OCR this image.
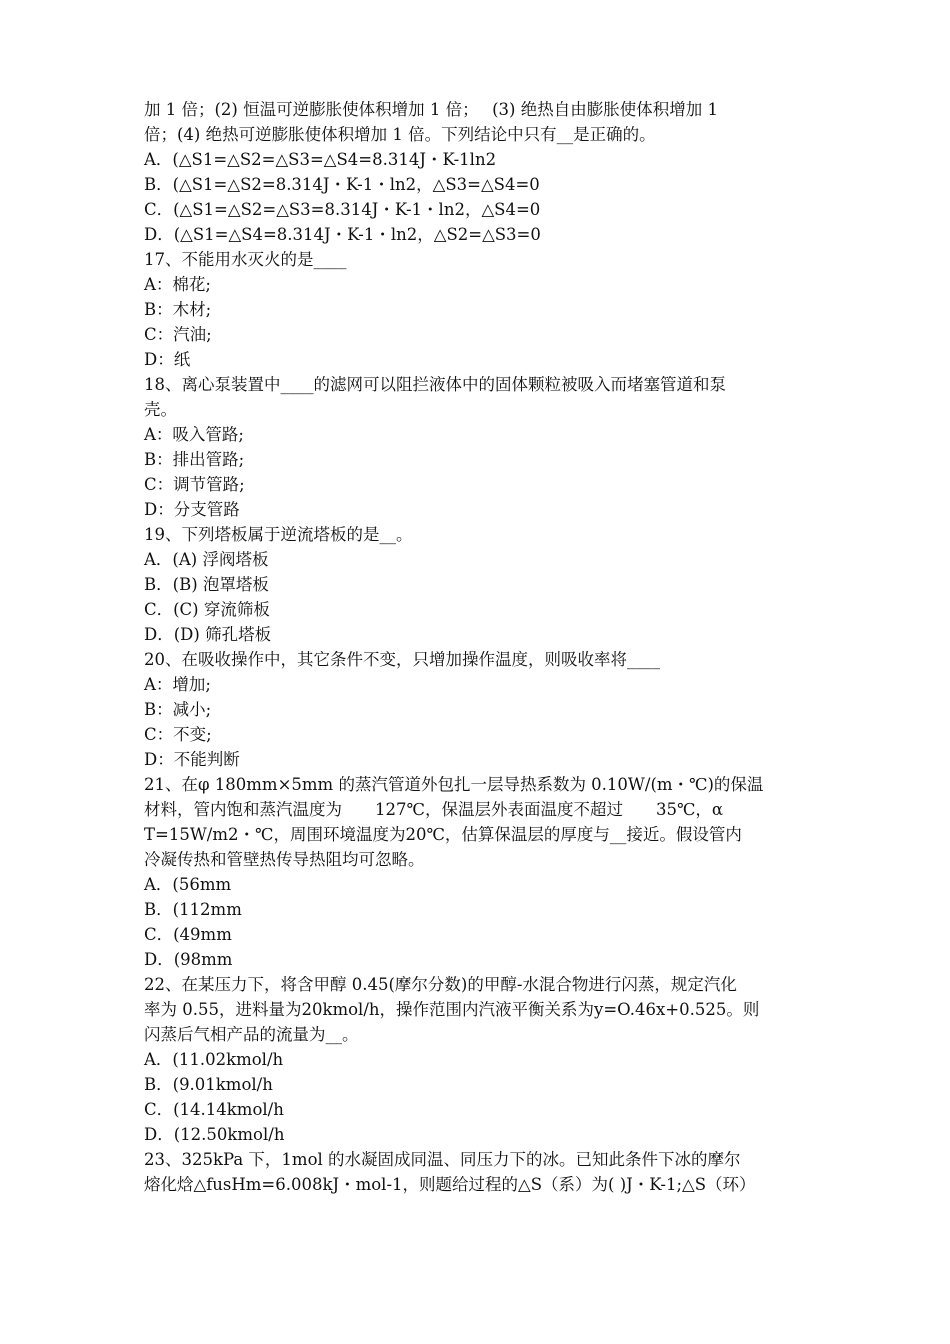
加 1 倍；(2) 恒温可逆膨胀使体积增加 1 倍；　 (3) 绝热自由膨胀使体积增加 1
倍；(4) 绝热可逆膨胀使体积增加 1 倍。下列结论中只有__是正确的。
A．(△S1=△S2=△S3=△S4=8.314J・K-1ln2
B．(△S1=△S2=8.314J・K-1・ln2，△S3=△S4=0
C．(△S1=△S2=△S3=8.314J・K-1・ln2，△S4=0
D．(△S1=△S4=8.314J・K-1・ln2，△S2=△S3=0
17、不能用水灭火的是____
A：棉花;
B：木材;
C：汽油;
D：纸
18、离心泵装置中____的滤网可以阻拦液体中的固体颗粒被吸入而堵塞管道和泵
壳。
A：吸入管路;
B：排出管路;
C：调节管路;
D：分支管路
19、下列塔板属于逆流塔板的是__。
A．(A) 浮阀塔板
B．(B) 泡罩塔板
C．(C) 穿流筛板
D．(D) 筛孔塔板
20、在吸收操作中，其它条件不变，只增加操作温度，则吸收率将____
A：增加;
B：减小;
C：不变;
D：不能判断
21、在φ 180mm×5mm 的蒸汽管道外包扎一层导热系数为 0.10W/(m・℃)的保温
材料，管内饱和蒸汽温度为　　127℃，保温层外表面温度不超过　　35℃，α
T=15W/m2・℃，周围环境温度为20℃，估算保温层的厚度与__接近。假设管内
冷凝传热和管壁热传导热阻均可忽略。
A．(56mm
B．(112mm
C．(49mm
D．(98mm
22、在某压力下，将含甲醇 0.45(摩尔分数)的甲醇-水混合物进行闪蒸，规定汽化
率为 0.55，进料量为20kmol/h，操作范围内汽液平衡关系为y=O.46x+0.525。则
闪蒸后气相产品的流量为__。
A．(11.02kmol/h
B．(9.01kmol/h
C．(14.14kmol/h
D．(12.50kmol/h
23、325kPa 下，1mol 的水凝固成同温、同压力下的冰。已知此条件下冰的摩尔
熔化焓△fusHm=6.008kJ・mol-1，则题给过程的△S（系）为( )J・K-1;△S（环）
